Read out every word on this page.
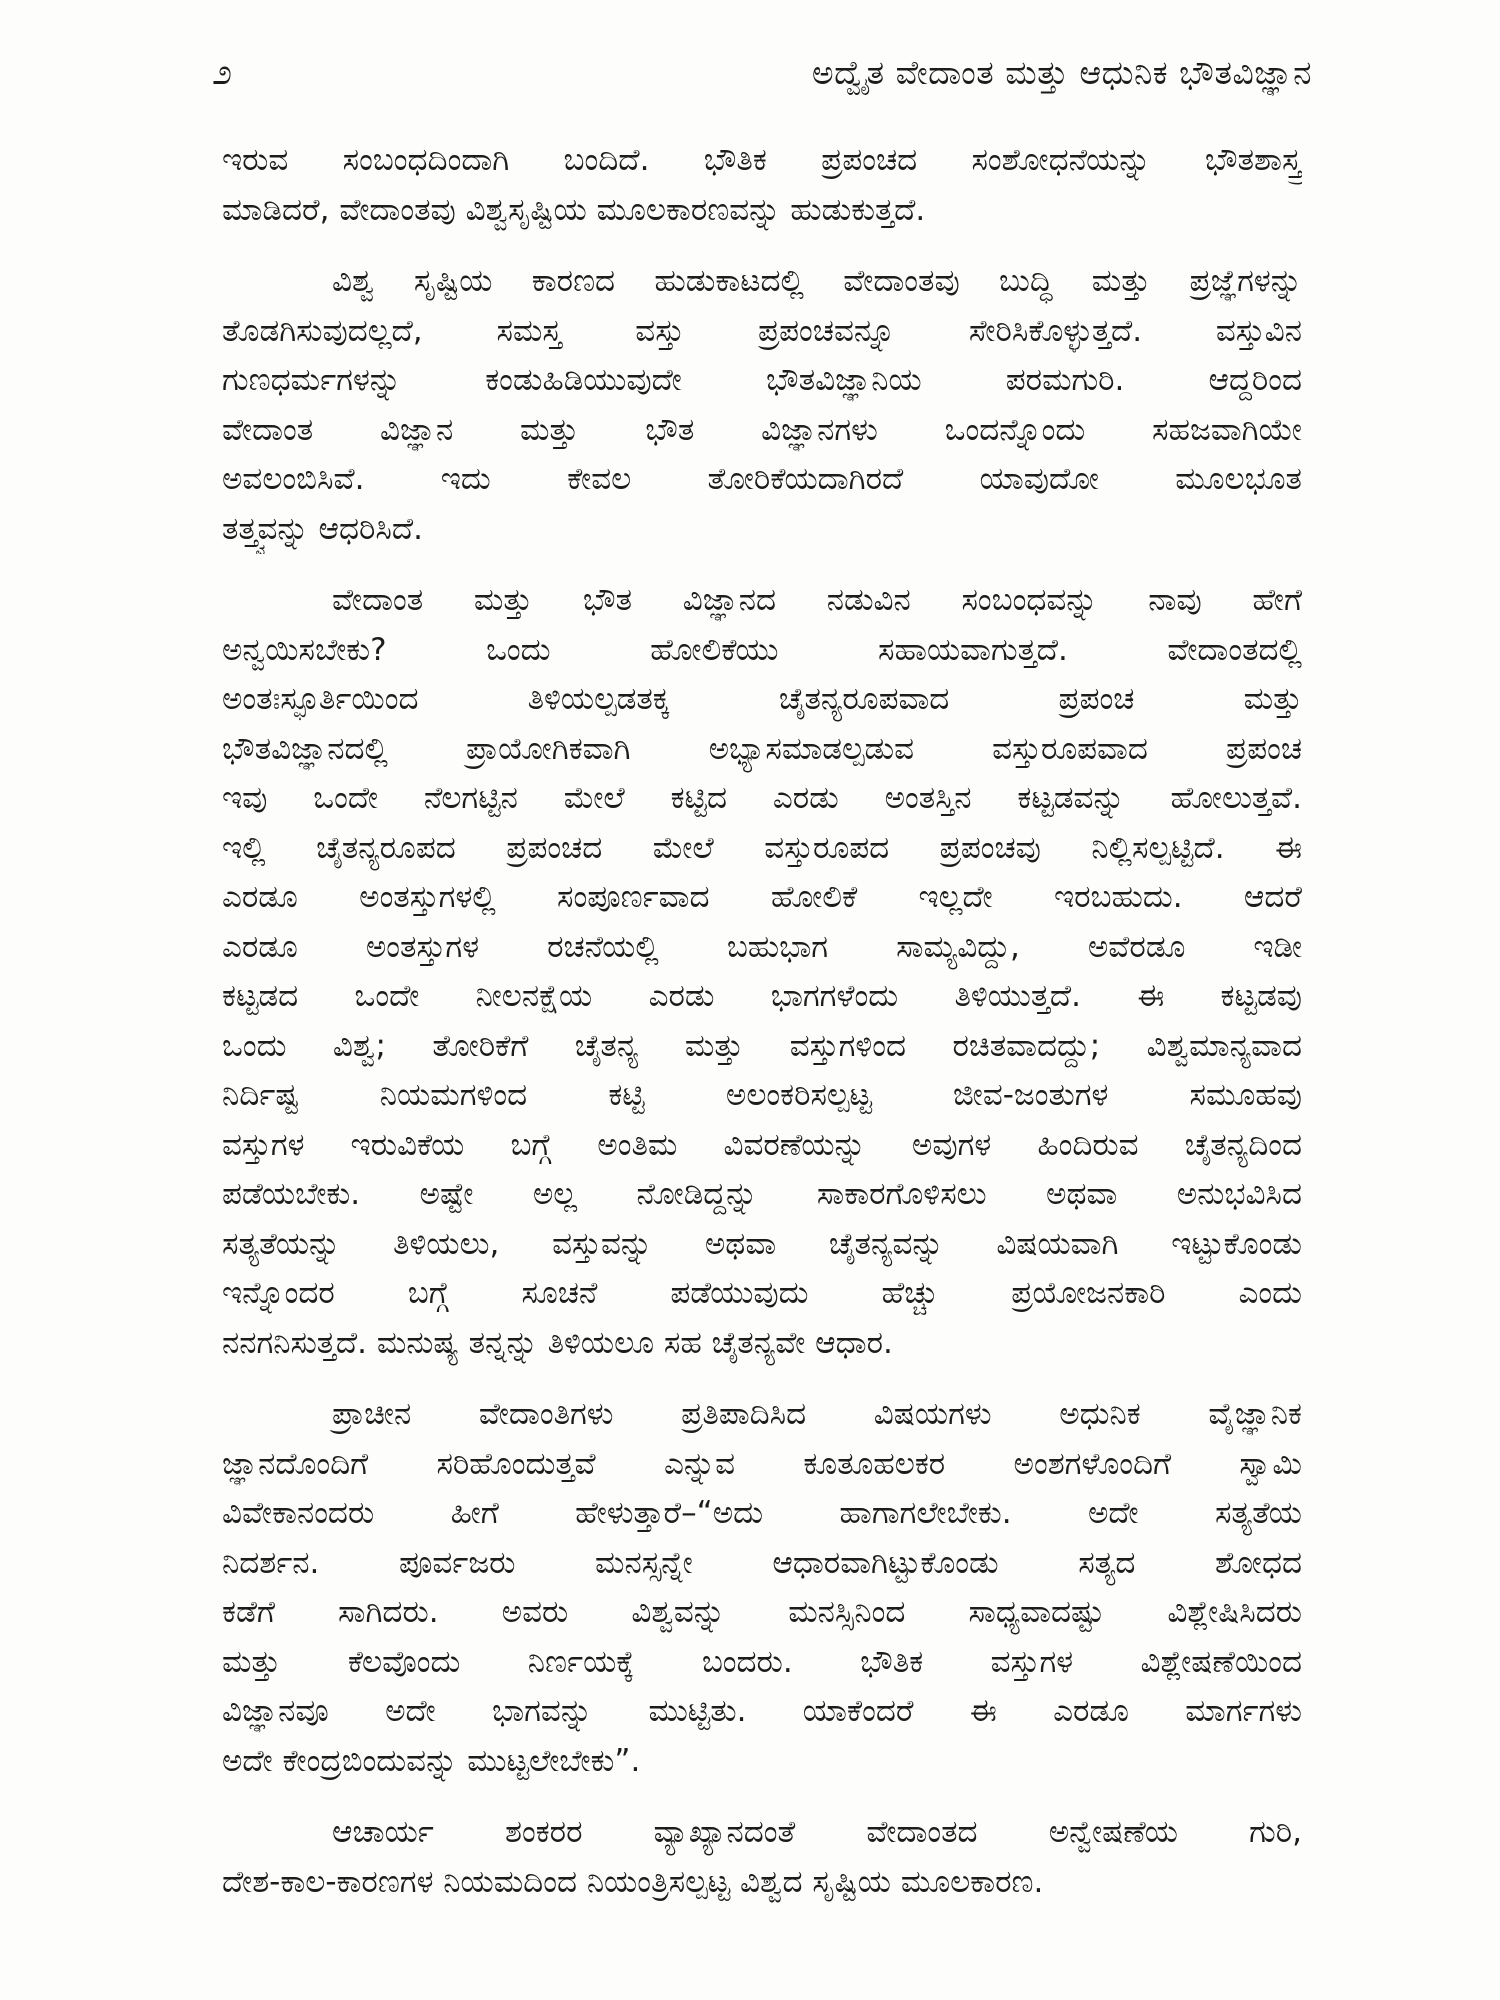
೨	ಅದ್ವೈತ ವೇದಾಂತ ಮತ್ತು ಆಧುನಿಕ ಭೌತವಿಜ್ಞಾನ
ಇರುವ ಸಂಬಂಧದಿಂದಾಗಿ ಬಂದಿದೆ. ಭೌತಿಕ ಪ್ರಪಂಚದ ಸಂಶೋಧನೆಯನ್ನು ಭೌತಶಾಸ್ತ್ರ
ಮಾಡಿದರೆ, ವೇದಾಂತವು ವಿಶ್ವಸೃಷ್ಟಿಯ ಮೂಲಕಾರಣವನ್ನು ಹುಡುಕುತ್ತದೆ.
ವಿಶ್ವ ಸೃಷ್ಟಿಯ ಕಾರಣದ ಹುಡುಕಾಟದಲ್ಲಿ ವೇದಾಂತವು ಬುದ್ಧಿ ಮತ್ತು ಪ್ರಜ್ಞೆಗಳನ್ನು
ತೊಡಗಿಸುವುದಲ್ಲದೆ, ಸಮಸ್ತ ವಸ್ತು ಪ್ರಪಂಚವನ್ನೂ ಸೇರಿಸಿಕೊಳ್ಳುತ್ತದೆ. ವಸ್ತುವಿನ
ಗುಣಧರ್ಮಗಳನ್ನು ಕಂಡುಹಿಡಿಯುವುದೇ ಭೌತವಿಜ್ಞಾನಿಯ ಪರಮಗುರಿ. ಆದ್ದರಿಂದ
ವೇದಾಂತ ವಿಜ್ಞಾನ ಮತ್ತು ಭೌತ ವಿಜ್ಞಾನಗಳು ಒಂದನ್ನೊಂದು ಸಹಜವಾಗಿಯೇ
ಅವಲಂಬಿಸಿವೆ. ಇದು ಕೇವಲ ತೋರಿಕೆಯದಾಗಿರದೆ ಯಾವುದೋ ಮೂಲಭೂತ
ತತ್ತ್ವವನ್ನು ಆಧರಿಸಿದೆ.
ವೇದಾಂತ ಮತ್ತು ಭೌತ ವಿಜ್ಞಾನದ ನಡುವಿನ ಸಂಬಂಧವನ್ನು ನಾವು ಹೇಗೆ
ಅನ್ವಯಿಸಬೇಕು? ಒಂದು ಹೋಲಿಕೆಯು ಸಹಾಯವಾಗುತ್ತದೆ. ವೇದಾಂತದಲ್ಲಿ
ಅಂತಃಸ್ಫೂರ್ತಿಯಿಂದ ತಿಳಿಯಲ್ಪಡತಕ್ಕ ಚೈತನ್ಯರೂಪವಾದ ಪ್ರಪಂಚ ಮತ್ತು
ಭೌತವಿಜ್ಞಾನದಲ್ಲಿ ಪ್ರಾಯೋಗಿಕವಾಗಿ ಅಭ್ಯಾಸಮಾಡಲ್ಪಡುವ ವಸ್ತುರೂಪವಾದ ಪ್ರಪಂಚ
ಇವು ಒಂದೇ ನೆಲಗಟ್ಟಿನ ಮೇಲೆ ಕಟ್ಟಿದ ಎರಡು ಅಂತಸ್ತಿನ ಕಟ್ಟಡವನ್ನು ಹೋಲುತ್ತವೆ.
ಇಲ್ಲಿ ಚೈತನ್ಯರೂಪದ ಪ್ರಪಂಚದ ಮೇಲೆ ವಸ್ತುರೂಪದ ಪ್ರಪಂಚವು ನಿಲ್ಲಿಸಲ್ಪಟ್ಟಿದೆ. ಈ
ಎರಡೂ ಅಂತಸ್ತುಗಳಲ್ಲಿ ಸಂಪೂರ್ಣವಾದ ಹೋಲಿಕೆ ಇಲ್ಲದೇ ಇರಬಹುದು. ಆದರೆ
ಎರಡೂ ಅಂತಸ್ತುಗಳ ರಚನೆಯಲ್ಲಿ ಬಹುಭಾಗ ಸಾಮ್ಯವಿದ್ದು, ಅವೆರಡೂ ಇಡೀ
ಕಟ್ಟಡದ ಒಂದೇ ನೀಲನಕ್ಷೆಯ ಎರಡು ಭಾಗಗಳೆಂದು ತಿಳಿಯುತ್ತದೆ. ಈ ಕಟ್ಟಡವು
ಒಂದು ವಿಶ್ವ; ತೋರಿಕೆಗೆ ಚೈತನ್ಯ ಮತ್ತು ವಸ್ತುಗಳಿಂದ ರಚಿತವಾದದ್ದು; ವಿಶ್ವಮಾನ್ಯವಾದ
ನಿರ್ದಿಷ್ಟ ನಿಯಮಗಳಿಂದ ಕಟ್ಟಿ ಅಲಂಕರಿಸಲ್ಪಟ್ಟ ಜೀವ-ಜಂತುಗಳ ಸಮೂಹವು
ವಸ್ತುಗಳ ಇರುವಿಕೆಯ ಬಗ್ಗೆ ಅಂತಿಮ ವಿವರಣೆಯನ್ನು ಅವುಗಳ ಹಿಂದಿರುವ ಚೈತನ್ಯದಿಂದ
ಪಡೆಯಬೇಕು. ಅಷ್ಟೇ ಅಲ್ಲ ನೋಡಿದ್ದನ್ನು ಸಾಕಾರಗೊಳಿಸಲು ಅಥವಾ ಅನುಭವಿಸಿದ
ಸತ್ಯತೆಯನ್ನು ತಿಳಿಯಲು, ವಸ್ತುವನ್ನು ಅಥವಾ ಚೈತನ್ಯವನ್ನು ವಿಷಯವಾಗಿ ಇಟ್ಟುಕೊಂಡು
ಇನ್ನೊಂದರ ಬಗ್ಗೆ ಸೂಚನೆ ಪಡೆಯುವುದು ಹೆಚ್ಚು ಪ್ರಯೋಜನಕಾರಿ ಎಂದು
ನನಗನಿಸುತ್ತದೆ. ಮನುಷ್ಯ ತನ್ನನ್ನು ತಿಳಿಯಲೂ ಸಹ ಚೈತನ್ಯವೇ ಆಧಾರ.
ಪ್ರಾಚೀನ ವೇದಾಂತಿಗಳು ಪ್ರತಿಪಾದಿಸಿದ ವಿಷಯಗಳು ಅಧುನಿಕ ವೈಜ್ಞಾನಿಕ
ಜ್ಞಾನದೊಂದಿಗೆ ಸರಿಹೊಂದುತ್ತವೆ ಎನ್ನುವ ಕೂತೂಹಲಕರ ಅಂಶಗಳೊಂದಿಗೆ ಸ್ವಾಮಿ
ವಿವೇಕಾನಂದರು ಹೀಗೆ ಹೇಳುತ್ತಾರೆ–“ಅದು ಹಾಗಾಗಲೇಬೇಕು. ಅದೇ ಸತ್ಯತೆಯ
ನಿದರ್ಶನ. ಪೂರ್ವಜರು ಮನಸ್ಸನ್ನೇ ಆಧಾರವಾಗಿಟ್ಟುಕೊಂಡು ಸತ್ಯದ ಶೋಧದ
ಕಡೆಗೆ ಸಾಗಿದರು. ಅವರು ವಿಶ್ವವನ್ನು ಮನಸ್ಸಿನಿಂದ ಸಾಧ್ಯವಾದಷ್ಟು ವಿಶ್ಲೇಷಿಸಿದರು
ಮತ್ತು ಕೆಲವೊಂದು ನಿರ್ಣಯಕ್ಕೆ ಬಂದರು. ಭೌತಿಕ ವಸ್ತುಗಳ ವಿಶ್ಲೇಷಣೆಯಿಂದ
ವಿಜ್ಞಾನವೂ ಅದೇ ಭಾಗವನ್ನು ಮುಟ್ಟಿತು. ಯಾಕೆಂದರೆ ಈ ಎರಡೂ ಮಾರ್ಗಗಳು
ಅದೇ ಕೇಂದ್ರಬಿಂದುವನ್ನು ಮುಟ್ಟಲೇಬೇಕು”.
ಆಚಾರ್ಯ ಶಂಕರರ ವ್ಯಾಖ್ಯಾನದಂತೆ ವೇದಾಂತದ ಅನ್ವೇಷಣೆಯ ಗುರಿ,
ದೇಶ-ಕಾಲ-ಕಾರಣಗಳ ನಿಯಮದಿಂದ ನಿಯಂತ್ರಿಸಲ್ಪಟ್ಟ ವಿಶ್ವದ ಸೃಷ್ಟಿಯ ಮೂಲಕಾರಣ.
